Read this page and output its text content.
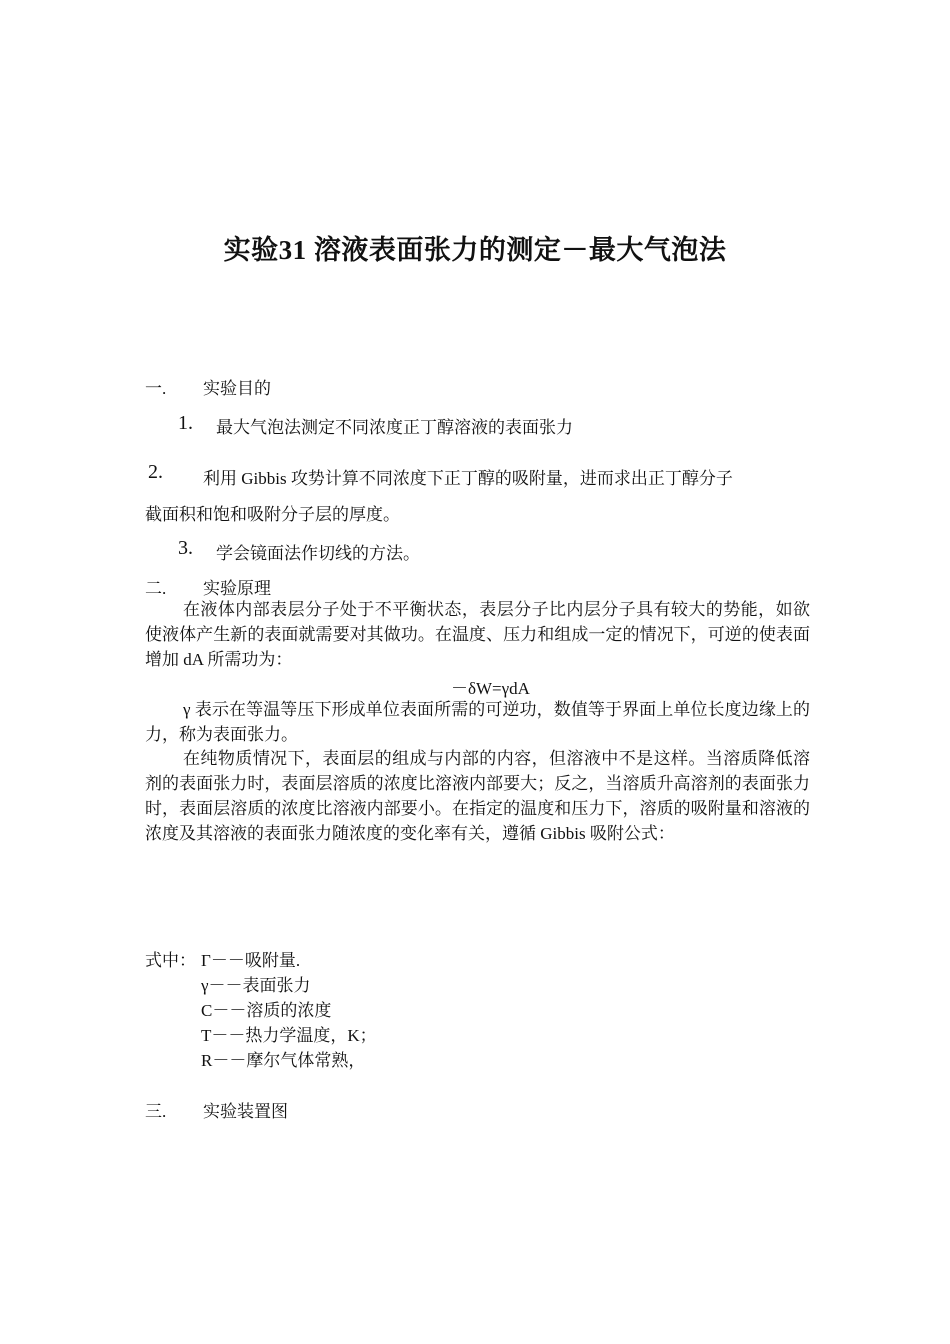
实验31 溶液表面张力的测定－最大气泡法
一. 实验目的
1. 最大气泡法测定不同浓度正丁醇溶液的表面张力
2. 利用 Gibbis 攻势计算不同浓度下正丁醇的吸附量，进而求出正丁醇分子
截面积和饱和吸附分子层的厚度。
3. 学会镜面法作切线的方法。
二. 实验原理
在液体内部表层分子处于不平衡状态，表层分子比内层分子具有较大的势能，如欲使液体产生新的表面就需要对其做功。在温度、压力和组成一定的情况下，可逆的使表面增加 dA 所需功为：
－δW=γdA
γ 表示在等温等压下形成单位表面所需的可逆功，数值等于界面上单位长度边缘上的力，称为表面张力。
在纯物质情况下，表面层的组成与内部的内容，但溶液中不是这样。当溶质降低溶剂的表面张力时，表面层溶质的浓度比溶液内部要大；反之，当溶质升高溶剂的表面张力时，表面层溶质的浓度比溶液内部要小。在指定的温度和压力下，溶质的吸附量和溶液的浓度及其溶液的表面张力随浓度的变化率有关，遵循 Gibbis 吸附公式：
式中： Γ－－吸附量.
γ－－表面张力
C－－溶质的浓度
T－－热力学温度，K；
R－－摩尔气体常熟，
三. 实验装置图
